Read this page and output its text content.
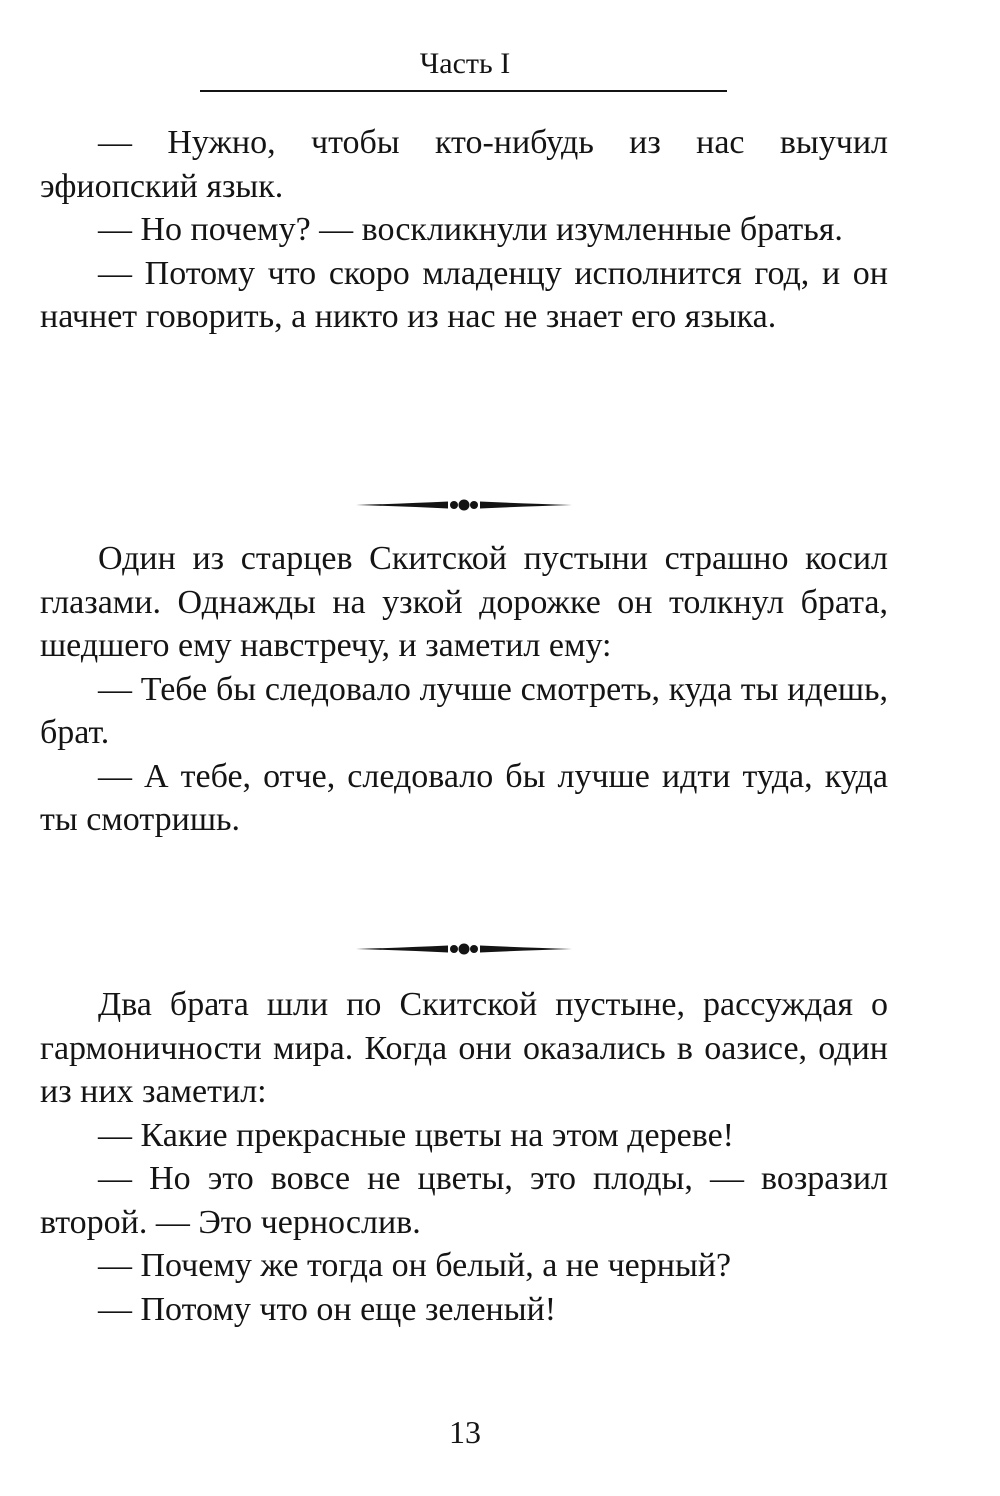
Часть I

— Нужно, чтобы кто-нибудь из нас выучил эфиопский язык.

— Но почему? — воскликнули изумленные братья.

— Потому что скоро младенцу исполнится год, и он начнет говорить, а никто из нас не знает его языка.

Один из старцев Скитской пустыни страшно косил глазами. Однажды на узкой дорожке он толкнул брата, шедшего ему навстречу, и заметил ему:

— Тебе бы следовало лучше смотреть, куда ты идешь, брат.

— А тебе, отче, следовало бы лучше идти туда, куда ты смотришь.

Два брата шли по Скитской пустыне, рассуждая о гармоничности мира. Когда они оказались в оазисе, один из них заметил:

— Какие прекрасные цветы на этом дереве!

— Но это вовсе не цветы, это плоды, — возразил второй. — Это чернослив.

— Почему же тогда он белый, а не черный?

— Потому что он еще зеленый!

13
